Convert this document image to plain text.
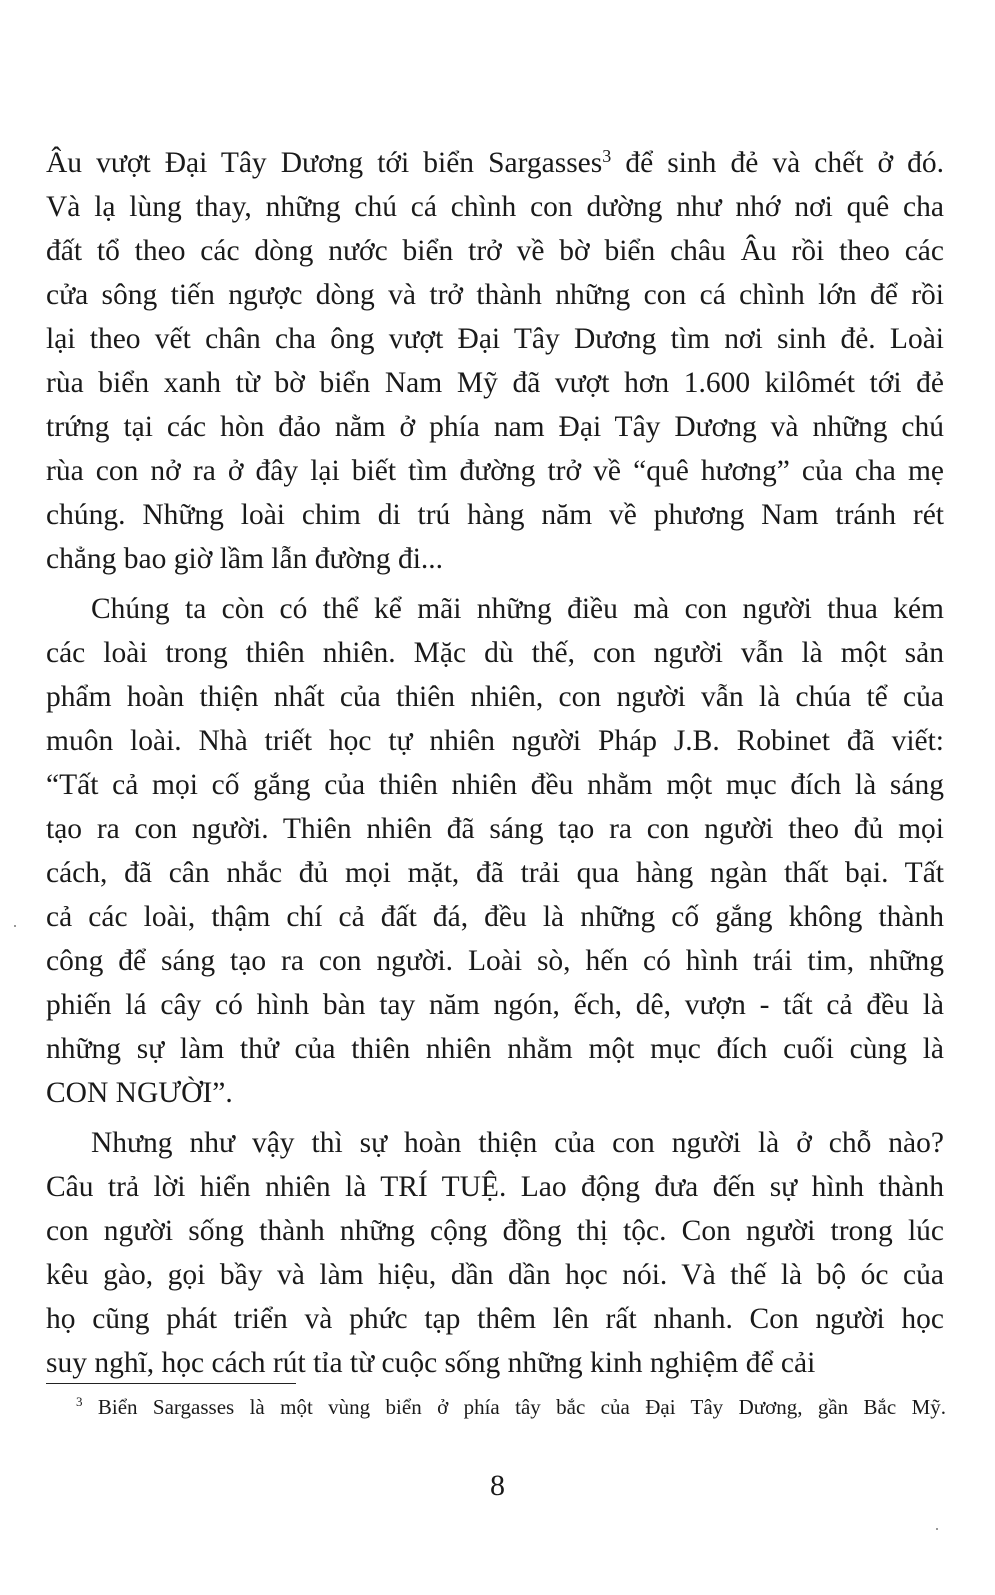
Âu vượt Đại Tây Dương tới biển Sargasses$^3$ để sinh đẻ và chết ở đó.
Và lạ lùng thay, những chú cá chình con dường như nhớ nơi quê cha
đất tổ theo các dòng nước biển trở về bờ biển châu Âu rồi theo các
cửa sông tiến ngược dòng và trở thành những con cá chình lớn để rồi
lại theo vết chân cha ông vượt Đại Tây Dương tìm nơi sinh đẻ. Loài
rùa biển xanh từ bờ biển Nam Mỹ đã vượt hơn 1.600 kilômét tới đẻ
trứng tại các hòn đảo nằm ở phía nam Đại Tây Dương và những chú
rùa con nở ra ở đây lại biết tìm đường trở về “quê hương” của cha mẹ
chúng. Những loài chim di trú hàng năm về phương Nam tránh rét
chẳng bao giờ lầm lẫn đường đi...
Chúng ta còn có thể kể mãi những điều mà con người thua kém
các loài trong thiên nhiên. Mặc dù thế, con người vẫn là một sản
phẩm hoàn thiện nhất của thiên nhiên, con người vẫn là chúa tể của
muôn loài. Nhà triết học tự nhiên người Pháp J.B. Robinet đã viết:
“Tất cả mọi cố gắng của thiên nhiên đều nhằm một mục đích là sáng
tạo ra con người. Thiên nhiên đã sáng tạo ra con người theo đủ mọi
cách, đã cân nhắc đủ mọi mặt, đã trải qua hàng ngàn thất bại. Tất
cả các loài, thậm chí cả đất đá, đều là những cố gắng không thành
công để sáng tạo ra con người. Loài sò, hến có hình trái tim, những
phiến lá cây có hình bàn tay năm ngón, ếch, dê, vượn - tất cả đều là
những sự làm thử của thiên nhiên nhằm một mục đích cuối cùng là
CON NGƯỜI”.
Nhưng như vậy thì sự hoàn thiện của con người là ở chỗ nào?
Câu trả lời hiển nhiên là TRÍ TUỆ. Lao động đưa đến sự hình thành
con người sống thành những cộng đồng thị tộc. Con người trong lúc
kêu gào, gọi bầy và làm hiệu, dần dần học nói. Và thế là bộ óc của
họ cũng phát triển và phức tạp thêm lên rất nhanh. Con người học
suy nghĩ, học cách rút tỉa từ cuộc sống những kinh nghiệm để cải
$^3$ Biển Sargasses là một vùng biển ở phía tây bắc của Đại Tây Dương, gần Bắc Mỹ.
8
